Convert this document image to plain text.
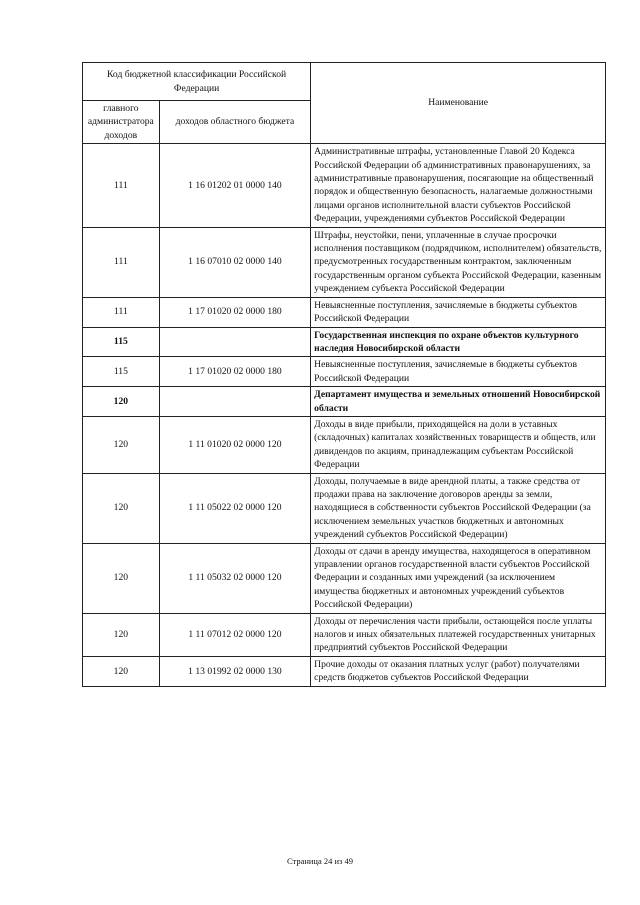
Код бюджетной классификации Российской Федерации		Наименование
главного администратора доходов	доходов областного бюджета	
111	1 16 01202 01 0000 140	Административные штрафы, установленные Главой 20 Кодекса Российской Федерации об административных правонарушениях, за административные правонарушения, посягающие на общественный порядок и общественную безопасность, налагаемые должностными лицами органов исполнительной власти субъектов Российской Федерации, учреждениями субъектов Российской Федерации
111	1 16 07010 02 0000 140	Штрафы, неустойки, пени, уплаченные в случае просрочки исполнения поставщиком (подрядчиком, исполнителем) обязательств, предусмотренных государственным контрактом, заключенным государственным органом субъекта Российской Федерации, казенным учреждением субъекта Российской Федерации
111	1 17 01020 02 0000 180	Невыясненные поступления, зачисляемые в бюджеты субъектов Российской Федерации
115		Государственная инспекция по охране объектов культурного наследия Новосибирской области
115	1 17 01020 02 0000 180	Невыясненные поступления, зачисляемые в бюджеты субъектов Российской Федерации
120		Департамент имущества и земельных отношений Новосибирской области
120	1 11 01020 02 0000 120	Доходы в виде прибыли, приходящейся на доли в уставных (складочных) капиталах хозяйственных товариществ и обществ, или дивидендов по акциям, принадлежащим субъектам Российской Федерации
120	1 11 05022 02 0000 120	Доходы, получаемые в виде арендной платы, а также средства от продажи права на заключение договоров аренды за земли, находящиеся в собственности субъектов Российской Федерации (за исключением земельных участков бюджетных и автономных учреждений субъектов Российской Федерации)
120	1 11 05032 02 0000 120	Доходы от сдачи в аренду имущества, находящегося в оперативном управлении органов государственной власти субъектов Российской Федерации и созданных ими учреждений (за исключением имущества бюджетных и автономных учреждений субъектов Российской Федерации)
120	1 11 07012 02 0000 120	Доходы от перечисления части прибыли, остающейся после уплаты налогов и иных обязательных платежей государственных унитарных предприятий субъектов Российской Федерации
120	1 13 01992 02 0000 130	Прочие доходы от оказания платных услуг (работ) получателями средств бюджетов субъектов Российской Федерации
Страница 24 из 49
